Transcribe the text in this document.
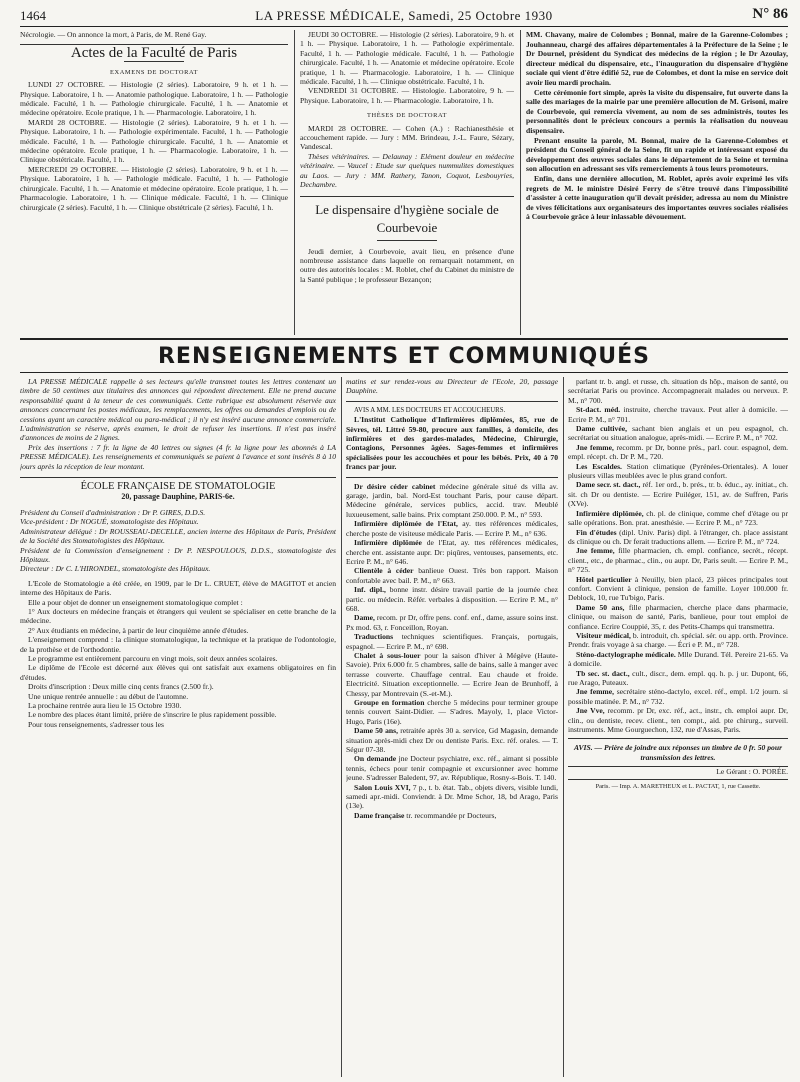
1464	LA PRESSE MÉDICALE, Samedi, 25 Octobre 1930	N° 86

Nécrologie. — On annonce la mort, à Paris, de M. René Gay.

Actes de la Faculté de Paris
EXAMENS DE DOCTORAT

LUNDI 27 OCTOBRE. — Histologie (2 séries). Laboratoire, 9 h. et 1 h. — Physique. Laboratoire, 1 h. — Anatomie pathologique. Laboratoire, 1 h. — Pathologie médicale. Faculté, 1 h. — Pathologie chirurgicale. Faculté, 1 h. — Anatomie et médecine opératoire. Ecole pratique, 1 h. — Pharmacologie. Laboratoire, 1 h.

MARDI 28 OCTOBRE. — Histologie (2 séries). Laboratoire, 9 h. et 1 h. — Physique. Laboratoire, 1 h. — Pathologie expérimentale. Faculté, 1 h. — Pathologie médicale. Faculté, 1 h. — Pathologie chirurgicale. Faculté, 1 h. — Anatomie et médecine opératoire. Ecole pratique, 1 h. — Pharmacologie. Laboratoire, 1 h. — Clinique obstétricale. Faculté, 1 h.

MERCREDI 29 OCTOBRE. — Histologie (2 séries). Laboratoire, 9 h. et 1 h. — Physique. Laboratoire, 1 h. — Pathologie médicale. Faculté, 1 h. — Pathologie chirurgicale. Faculté, 1 h. — Anatomie et médecine opératoire. Ecole pratique, 1 h. — Pharmacologie. Laboratoire, 1 h. — Clinique médicale. Faculté, 1 h. — Clinique chirurgicale (2 séries). Faculté, 1 h. — Clinique obstétricale (2 séries). Faculté, 1 h.

JEUDI 30 OCTOBRE. — Histologie (2 séries). Laboratoire, 9 h. et 1 h. — Physique. Laboratoire, 1 h. — Pathologie expérimentale. Faculté, 1 h. — Pathologie médicale. Faculté, 1 h. — Pathologie chirurgicale. Faculté, 1 h. — Anatomie et médecine opératoire. Ecole pratique, 1 h. — Pharmacologie. Laboratoire, 1 h. — Clinique médicale. Faculté, 1 h. — Clinique obstétricale. Faculté, 1 h.

VENDREDI 31 OCTOBRE. — Histologie. Laboratoire, 9 h. — Physique. Laboratoire, 1 h. — Pharmacologie. Laboratoire, 1 h.

THÈSES DE DOCTORAT

MARDI 28 OCTOBRE. — Cohen (A.) : Rachianesthésie et accouchement rapide. — Jury : MM. Brindeau, J.-L. Faure, Sézary, Vandescal.

Thèses vétérinaires. — Delaunay : Elément douleur en médecine vétérinaire. — Vaucel : Etude sur quelques nummulites domestiques au Laos. — Jury : MM. Rathery, Tanon, Coquot, Lesbouyries, Dechambre.

Le dispensaire d'hygiène sociale de Courbevoie

Jeudi dernier, à Courbevoie, avait lieu, en présence d'une nombreuse assistance dans laquelle on remarquait notamment, en outre des autorités locales : M. Roblet, chef du Cabinet du ministre de la Santé publique ; le professeur Bezançon;

MM. Chavany, maire de Colombes ; Bonnal, maire de la Garenne-Colombes ; Jouhanneau, chargé des affaires départementales à la Préfecture de la Seine ; le Dr Dournel, président du Syndicat des médecins de la région ; le Dr Azoulay, directeur médical du dispensaire, etc., l'inauguration du dispensaire d'hygiène sociale qui vient d'être édifié 52, rue de Colombes, et dont la mise en service doit avoir lieu mardi prochain.

Cette cérémonie fort simple, après la visite du dispensaire, fut ouverte dans la salle des mariages de la mairie par une première allocution de M. Grisoni, maire de Courbevoie, qui remercia vivement, au nom de ses administrés, toutes les personnalités dont le précieux concours a permis la réalisation du nouveau dispensaire.

Prenant ensuite la parole, M. Bonnal, maire de la Garenne-Colombes et président du Conseil général de la Seine, fit un rapide et intéressant exposé du développement des œuvres sociales dans le département de la Seine et termina son allocution en adressant ses vifs remerciements à tous leurs promoteurs.

Enfin, dans une dernière allocution, M. Roblet, après avoir exprimé les vifs regrets de M. le ministre Désiré Ferry de s'être trouvé dans l'impossibilité d'assister à cette inauguration qu'il devait présider, adressa au nom du Ministre de vives félicitations aux organisateurs des importantes œuvres sociales réalisées à Courbevoie grâce à leur inlassable dévouement.

RENSEIGNEMENTS ET COMMUNIQUÉS

LA PRESSE MÉDICALE rappelle à ses lecteurs qu'elle transmet toutes les lettres contenant un timbre de 50 centimes aux titulaires des annonces qui répondent directement. Elle ne prend aucune responsabilité quant à la teneur de ces communiqués. Cette rubrique est absolument réservée aux annonces concernant les postes médicaux, les remplacements, les offres ou demandes d'emplois ou de cessions ayant un caractère médical ou para-médical ; il n'y est inséré aucune annonce commerciale. L'administration se réserve, après examen, le droit de refuser les insertions. Il n'est pas inséré d'annonces de moins de 2 lignes.

Prix des insertions : 7 fr. la ligne de 40 lettres ou signes (4 fr. la ligne pour les abonnés à LA PRESSE MÉDICALE). Les renseignements et communiqués se paient à l'avance et sont insérés 8 à 10 jours après la réception de leur montant.

ÉCOLE FRANÇAISE DE STOMATOLOGIE
20, passage Dauphine, PARIS-6e.

Président du Conseil d'administration : Dr P. GIRES, D.D.S.

Vice-président : Dr NOGUÉ, stomatologiste des Hôpitaux.

Administrateur délégué : Dr ROUSSEAU-DECELLE, ancien interne des Hôpitaux de Paris, Président de la Société des Stomatologistes des Hôpitaux.

Président de la Commission d'enseignement : Dr P. NESPOULOUS, D.D.S., stomatologiste des Hôpitaux.

Directeur : Dr C. L'HIRONDEL, stomatologiste des Hôpitaux.

L'Ecole de Stomatologie a été créée, en 1909, par le Dr L. CRUET, élève de MAGITOT et ancien interne des Hôpitaux de Paris.

Elle a pour objet de donner un enseignement stomatologique complet :

1° Aux docteurs en médecine français et étrangers qui veulent se spécialiser en cette branche de la médecine.

2° Aux étudiants en médecine, à partir de leur cinquième année d'études.

L'enseignement comprend : la clinique stomatologique, la technique et la pratique de l'odontologie, de la prothèse et de l'orthodontie.

Le programme est entièrement parcouru en vingt mois, soit deux années scolaires.

Le diplôme de l'Ecole est décerné aux élèves qui ont satisfait aux examens obligatoires en fin d'études.

Droits d'inscription : Deux mille cinq cents francs (2.500 fr.).

Une unique rentrée annuelle : au début de l'automne.

La prochaine rentrée aura lieu le 15 Octobre 1930.

Le nombre des places étant limité, prière de s'inscrire le plus rapidement possible.

Pour tous renseignements, s'adresser tous les

matins et sur rendez-vous au Directeur de l'Ecole, 20, passage Dauphine.

AVIS A MM. LES DOCTEURS ET ACCOUCHEURS.

L'Institut Catholique d'Infirmières diplômées, 85, rue de Sèvres, tél. Littré 59-80, procure aux familles, à domicile, des infirmières et des gardes-malades, Médecine, Chirurgie, Contagions, Personnes âgées. Sages-femmes et infirmières spécialisées pour les accouchées et pour les bébés. Prix, 40 à 70 francs par jour.

Dr désire céder cabinet médecine générale situé ds villa av. garage, jardin, bal. Nord-Est touchant Paris, pour cause départ. Médecine générale, services publics, accid. trav. Meublé luxueusement, salle bains. Prix comptant 250.000. P. M., n° 593.

Infirmière diplômée de l'Etat, ay. ttes références médicales, cherche poste de visiteuse médicale Paris. — Ecrire P. M., n° 636.

Infirmière diplômée de l'Etat, ay. ttes références médicales, cherche ent. assistante aupr. Dr: piqûres, ventouses, pansements, etc. Ecrire P. M., n° 646.

Clientèle à céder banlieue Ouest. Très bon rapport. Maison confortable avec bail. P. M., n° 663.

Inf. dipl., bonne instr. désire travail partie de la journée chez partic. ou médecin. Référ. verbales à disposition. — Ecrire P. M., n° 668.

Dame, recom. pr Dr, offre pens. conf. enf., dame, assure soins inst. Px mod. 63, r. Fonceillon, Royan.

Traductions techniques scientifiques. Français, portugais, espagnol. — Ecrire P. M., n° 698.

Chalet à sous-louer pour la saison d'hiver à Mégève (Haute-Savoie). Prix 6.000 fr. 5 chambres, salle de bains, salle à manger avec terrasse couverte. Chauffage central. Eau chaude et froide. Electricité. Situation exceptionnelle. — Ecrire Jean de Brunhoff, à Chessy, par Montrevain (S.-et-M.).

Groupe en formation cherche 5 médecins pour terminer groupe tennis couvert Saint-Didier. — S'adres. Mayoly, 1, place Victor-Hugo, Paris (16e).

Dame 50 ans, retraitée après 30 a. service, Gd Magasin, demande situation après-midi chez Dr ou dentiste Paris. Exc. réf. orales. — T. Ségur 07-38.

On demande jne Docteur psychiatre, exc. réf., aimant si possible tennis, échecs pour tenir compagnie et excursionner avec homme jeune. S'adresser Baledent, 97, av. République, Rosny-s-Bois. T. 140.

Salon Louis XVI, 7 p., t. b. état. Tab., objets divers, visible lundi, samedi apr.-midi. Conviendr. à Dr. Mme Schor, 18, bd Arago, Paris (13e).

Dame française tr. recommandée pr Docteurs,

parlant tr. b. angl. et russe, ch. situation ds hôp., maison de santé, ou secrétariat Paris ou province. Accompagnerait malades ou nerveux. P. M., n° 700.

St-dact. méd. instruite, cherche travaux. Peut aller à domicile. — Ecrire P. M., n° 701.

Dame cultivée, sachant bien anglais et un peu espagnol, ch. secrétariat ou situation analogue, après-midi. — Ecrire P. M., n° 702.

Jne femme, recomm. pr Dr, bonne prés., parl. cour. espagnol, dem. empl. récept. ch. Dr P. M., 720.

Les Escaldes. Station climatique (Pyrénées-Orientales). A louer plusieurs villas meublées avec le plus grand confort.

Dame secr. st. dact., réf. 1er ord., b. prés., tr. b. éduc., ay. initiat., ch. sit. ch Dr ou dentiste. — Ecrire Puiléger, 151, av. de Suffren, Paris (XVe).

Infirmière diplômée, ch. pl. de clinique, comme chef d'étage ou pr salle opérations. Bon. prat. anesthésie. — Ecrire P. M., n° 723.

Fin d'études (dipl. Univ. Paris) dipl. à l'étranger, ch. place assistant ds clinique ou ch. Dr ferait traductions allem. — Ecrire P. M., n° 724.

Jne femme, fille pharmacien, ch. empl. confiance, secrét., récept. client., etc., de pharmac., clin., ou aupr. Dr, Paris seult. — Ecrire P. M., n° 725.

Hôtel particulier à Neuilly, bien placé, 23 pièces principales tout confort. Convient à clinique, pension de famille. Loyer 100.000 fr. Deblock, 10, rue Tu'bigo, Paris.

Dame 50 ans, fille pharmacien, cherche place dans pharmacie, clinique, ou maison de santé, Paris, banlieue, pour tout emploi de confiance. Ecrire Couppié, 35, r. des Petits-Champs qui transmettra.

Visiteur médical, b. introduit, ch. spécial. sér. ou app. orth. Province. Prendr. frais voyage à sa charge. — Écri e P. M., n° 728.

Sténo-dactylographe médicale. Mlle Durand. Tél. Pereire 21-65. Va à domicile.

Tb sec. st. dact., cult., discr., dem. empl. qq. h. p. j ur. Dupont, 66, rue Arago, Puteaux.

Jne femme, secrétaire sténo-dactylo, excel. réf., empl. 1/2 journ. si possible matinée. P. M., n° 732.

Jne Vve, recomm. pr Dr, exc. réf., act., instr., ch. emploi aupr. Dr, clin., ou dentiste, recev. client., ten compt., aid. pte chirurg., surveil. instruments. Mme Gourguechon, 132, rue d'Assas, Paris.

AVIS. — Prière de joindre aux réponses un timbre de 0 fr. 50 pour transmission des lettres.

Le Gérant : O. PORÉE.

Paris. — Imp. A. MARETHEUX et L. PACTAT, 1, rue Cassette.
